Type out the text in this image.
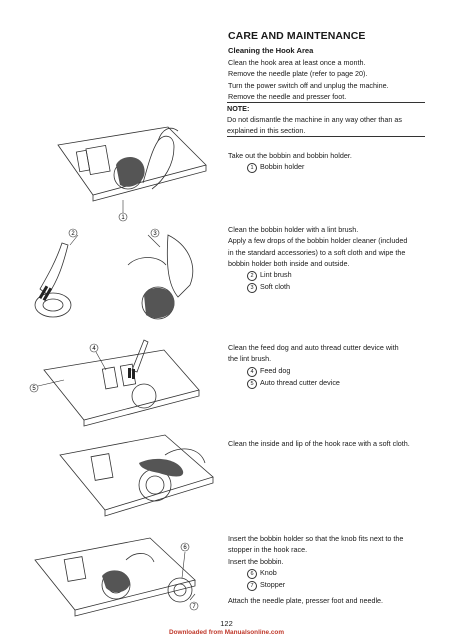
CARE AND MAINTENANCE
Cleaning the Hook Area
Clean the hook area at least once a month.
Remove the needle plate (refer to page 20).
Turn the power switch off and unplug the machine.
Remove the needle and presser foot.
NOTE:
Do not dismantle the machine in any way other than as
explained in this section.
Take out the bobbin and bobbin holder.
1 Bobbin holder
Clean the bobbin holder with a lint brush.
Apply a few drops of the bobbin holder cleaner (included
in the standard accessories) to a soft cloth and wipe the
bobbin holder both inside and outside.
2 Lint brush
3 Soft cloth
Clean the feed dog and auto thread cutter device with
the lint brush.
4 Feed dog
5 Auto thread cutter device
Clean the inside and lip of the hook race with a soft cloth.
Insert the bobbin holder so that the knob fits next to the
stopper in the hook race.
Insert the bobbin.
6 Knob
7 Stopper
Attach the needle plate, presser foot and needle.
1
2	3
4
5
6
7
122
Downloaded from Manualsonline.com
